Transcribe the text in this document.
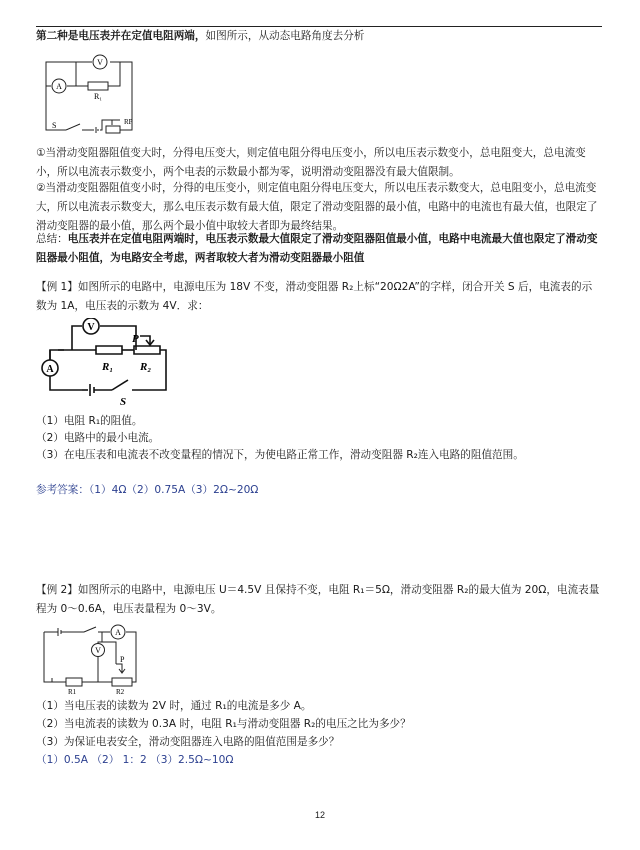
第二种是电压表并在定值电阻两端，如图所示，从动态电路角度去分析

A
V
R₁
S	RP

①当滑动变阻器阻值变大时，分得电压变大，则定值电阻分得电压变小，所以电压表示数变小，总电阻变大，总电流变小，所以电流表示数变小，两个电表的示数最小都为零，说明滑动变阻器没有最大值限制。

②当滑动变阻器阻值变小时，分得的电压变小，则定值电阻分得电压变大，所以电压表示数变大，总电阻变小，总电流变大，所以电流表示数变大，那么电压表示数有最大值，限定了滑动变阻器的最小值，电路中的电流也有最大值，也限定了滑动变阻器的最小值，那么两个最小值中取较大者即为最终结果。

总结：电压表并在定值电阻两端时，电压表示数最大值限定了滑动变阻器阻值最小值，电路中电流最大值也限定了滑动变阻器最小阻值，为电路安全考虑，两者取较大者为滑动变阻器最小阻值

【例 1】如图所示的电路中，电源电压为 18V 不变，滑动变阻器 R₂上标“20Ω2A”的字样，闭合开关 S 后，电流表的示数为 1A，电压表的示数为 4V．求：

V
A	R₁ R₂
P
S

（1）电阻 R₁的阻值。

（2）电路中的最小电流。

（3）在电压表和电流表不改变量程的情况下，为使电路正常工作，滑动变阻器 R₂连入电路的阻值范围。

参考答案：（1）4Ω（2）0.75A（3）2Ω~20Ω

【例 2】如图所示的电路中，电源电压 U＝4.5V 且保持不变，电阻 R₁＝5Ω，滑动变阻器 R₂的最大值为 20Ω，电流表量程为 0～0.6A，电压表量程为 0～3V。

A
V
P
R1	R2

（1）当电压表的读数为 2V 时，通过 R₁的电流是多少 A。

（2）当电流表的读数为 0.3A 时，电阻 R₁与滑动变阻器 R₂的电压之比为多少？

（3）为保证电表安全，滑动变阻器连入电路的阻值范围是多少？

（1）0.5A （2） 1：2 （3）2.5Ω~10Ω

12
